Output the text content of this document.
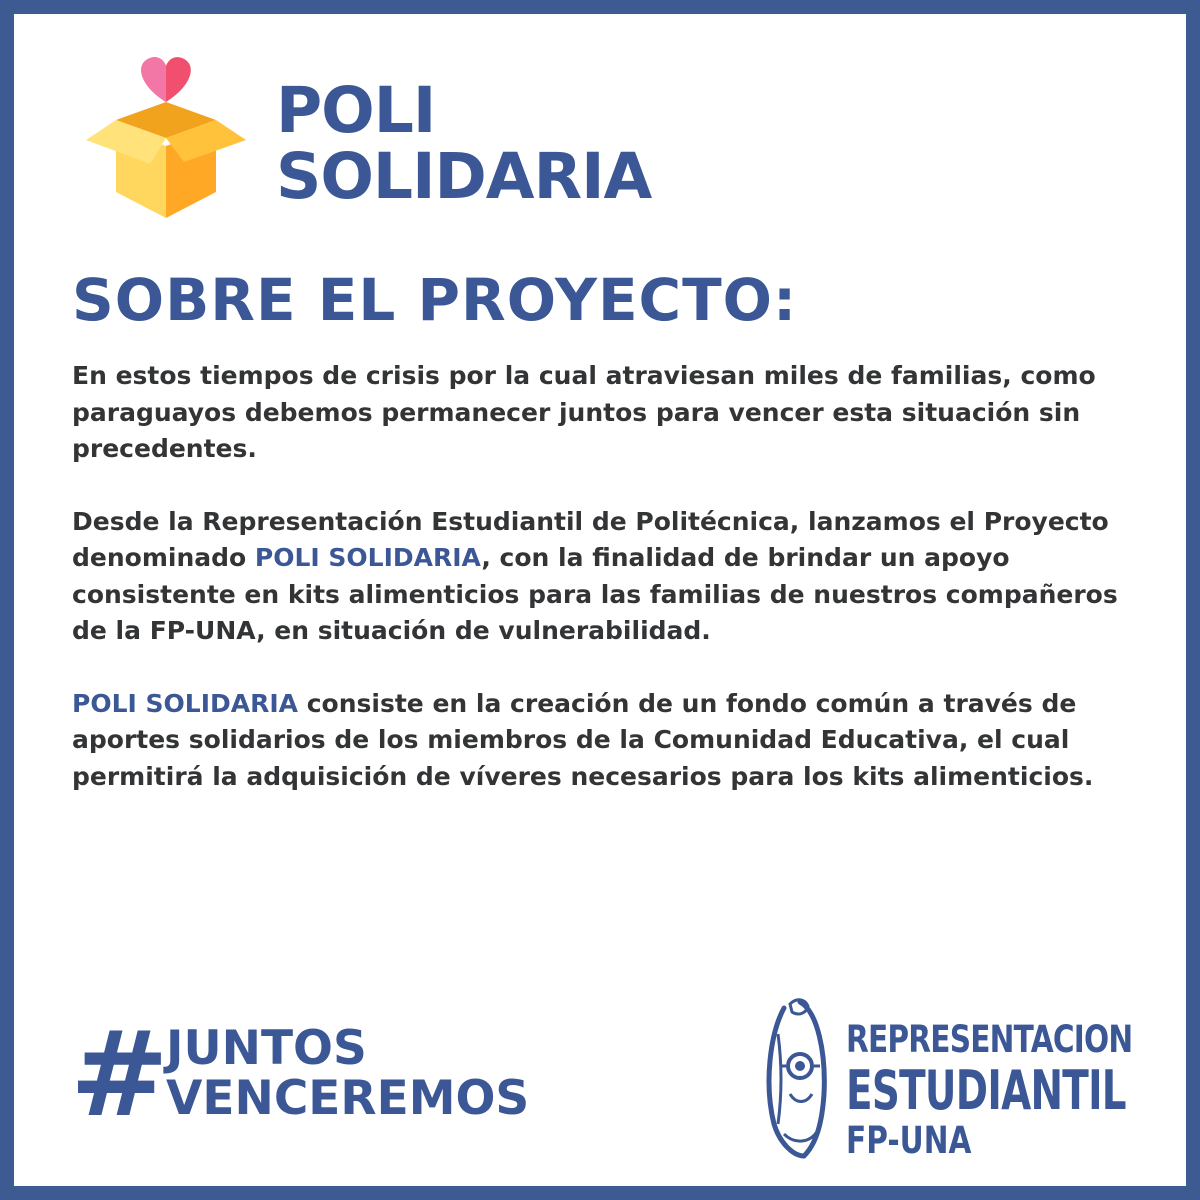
POLI
SOLIDARIA
SOBRE EL PROYECTO:

En estos tiempos de crisis por la cual atraviesan miles de familias, como paraguayos debemos permanecer juntos para vencer esta situación sin precedentes.

Desde la Representación Estudiantil de Politécnica, lanzamos el Proyecto denominado POLI SOLIDARIA, con la finalidad de brindar un apoyo consistente en kits alimenticios para las familias de nuestros compañeros de la FP-UNA, en situación de vulnerabilidad.

POLI SOLIDARIA consiste en la creación de un fondo común a través de aportes solidarios de los miembros de la Comunidad Educativa, el cual permitirá la adquisición de víveres necesarios para los kits alimenticios.

#
JUNTOS
VENCEREMOS
REPRESENTACION
ESTUDIANTIL
FP-UNA
